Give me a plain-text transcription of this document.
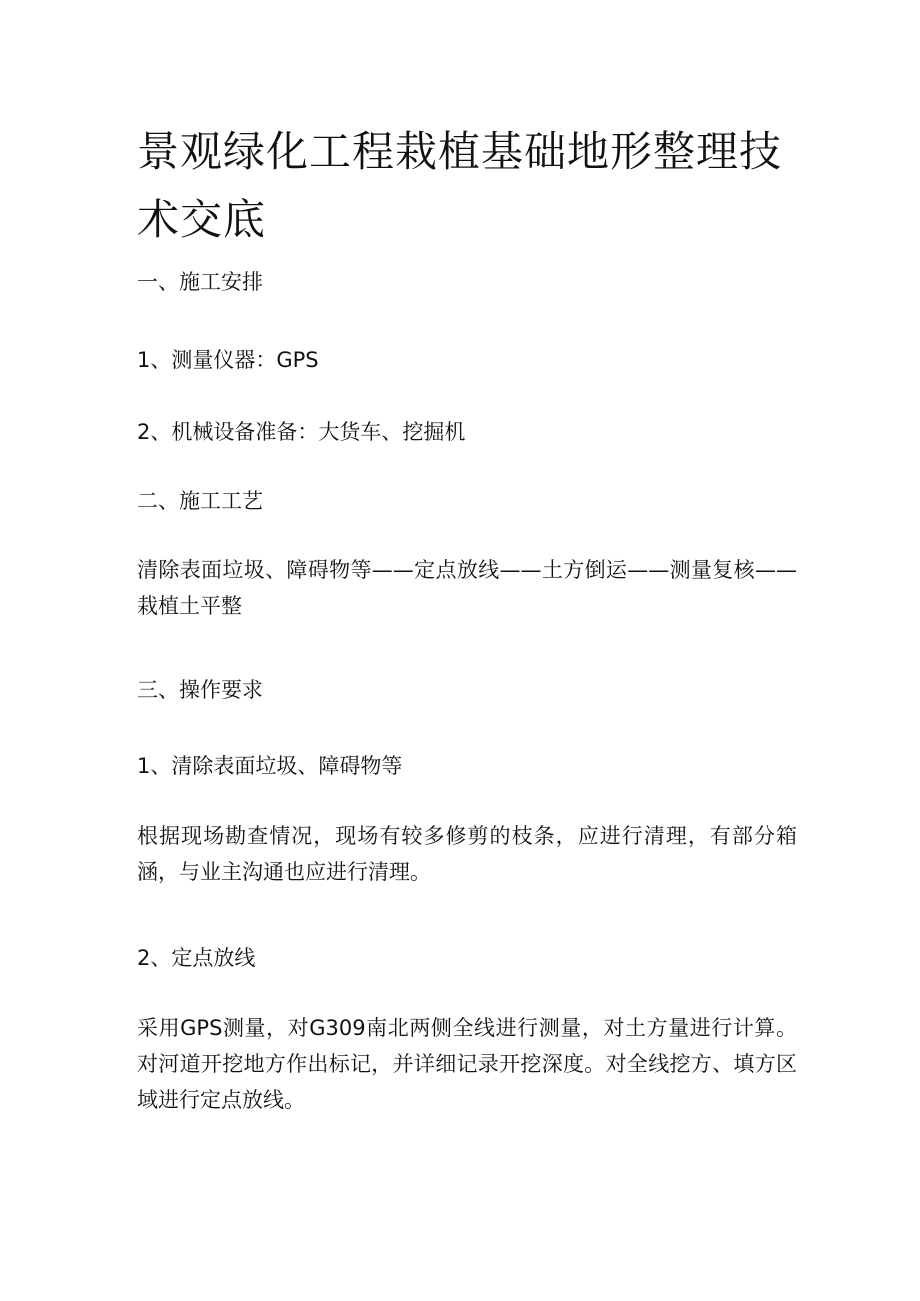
景观绿化工程栽植基础地形整理技术交底

一、施工安排

1、测量仪器：GPS

2、机械设备准备：大货车、挖掘机

二、施工工艺

清除表面垃圾、障碍物等——定点放线——土方倒运——测量复核——栽植土平整

三、操作要求

1、清除表面垃圾、障碍物等

根据现场勘查情况，现场有较多修剪的枝条，应进行清理，有部分箱涵，与业主沟通也应进行清理。

2、定点放线

采用GPS测量，对G309南北两侧全线进行测量，对土方量进行计算。对河道开挖地方作出标记，并详细记录开挖深度。对全线挖方、填方区域进行定点放线。
